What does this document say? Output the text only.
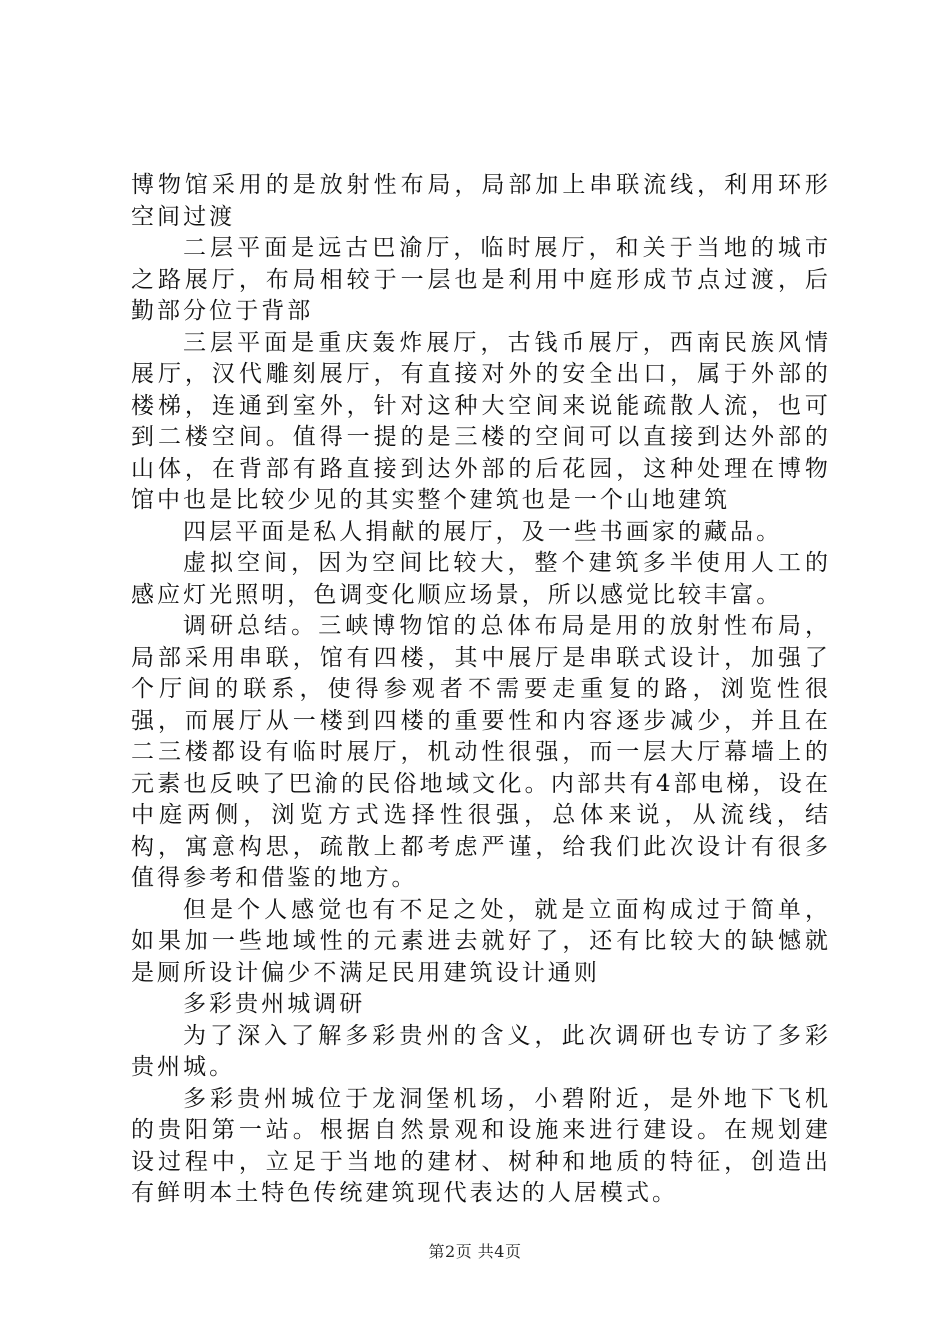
博物馆采用的是放射性布局，局部加上串联流线，利用环形空间过渡

二层平面是远古巴渝厅，临时展厅，和关于当地的城市之路展厅，布局相较于一层也是利用中庭形成节点过渡，后勤部分位于背部

三层平面是重庆轰炸展厅，古钱币展厅，西南民族风情展厅，汉代雕刻展厅，有直接对外的安全出口，属于外部的楼梯，连通到室外，针对这种大空间来说能疏散人流，也可到二楼空间。值得一提的是三楼的空间可以直接到达外部的山体，在背部有路直接到达外部的后花园，这种处理在博物馆中也是比较少见的其实整个建筑也是一个山地建筑

四层平面是私人捐献的展厅，及一些书画家的藏品。

虚拟空间，因为空间比较大，整个建筑多半使用人工的感应灯光照明，色调变化顺应场景，所以感觉比较丰富。

调研总结。三峡博物馆的总体布局是用的放射性布局，局部采用串联，馆有四楼，其中展厅是串联式设计，加强了个厅间的联系，使得参观者不需要走重复的路，浏览性很强，而展厅从一楼到四楼的重要性和内容逐步减少，并且在二三楼都设有临时展厅，机动性很强，而一层大厅幕墙上的元素也反映了巴渝的民俗地域文化。内部共有4部电梯，设在中庭两侧，浏览方式选择性很强，总体来说，从流线，结构，寓意构思，疏散上都考虑严谨，给我们此次设计有很多值得参考和借鉴的地方。

但是个人感觉也有不足之处，就是立面构成过于简单，如果加一些地域性的元素进去就好了，还有比较大的缺憾就是厕所设计偏少不满足民用建筑设计通则

多彩贵州城调研

为了深入了解多彩贵州的含义，此次调研也专访了多彩贵州城。

多彩贵州城位于龙洞堡机场，小碧附近，是外地下飞机的贵阳第一站。根据自然景观和设施来进行建设。在规划建设过程中，立足于当地的建材、树种和地质的特征，创造出有鲜明本土特色传统建筑现代表达的人居模式。

第2页 共4页
